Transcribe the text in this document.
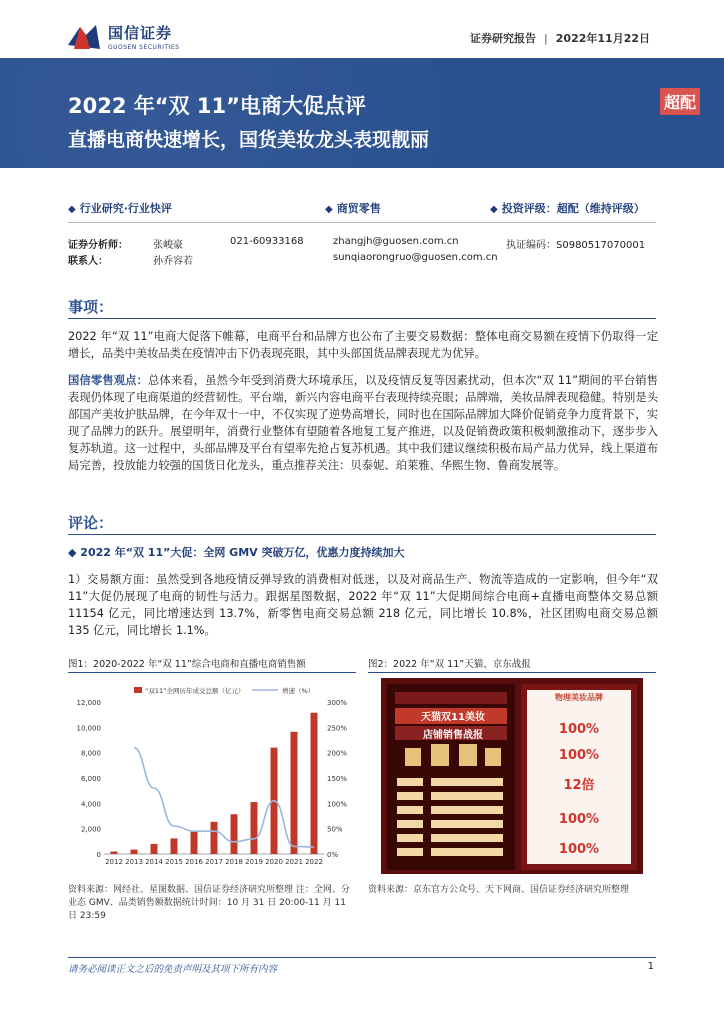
国信证券
GUOSEN SECURITIES
证券研究报告 | 2022年11月22日
2022 年“双 11”电商大促点评
直播电商快速增长，国货美妆龙头表现靓丽
超配
◆ 行业研究·行业快评	◆ 商贸零售	◆ 投资评级：超配（维持评级）
证券分析师：	张峻豪	021-60933168	zhangjh@guosen.com.cn	执证编码：S0980517070001
联系人：	孙乔容若	sunqiaorongruo@guosen.com.cn
事项：
2022 年“双 11”电商大促落下帷幕，电商平台和品牌方也公布了主要交易数据：整体电商交易额在疫情下仍取得一定增长，品类中美妆品类在疫情冲击下仍表现亮眼，其中头部国货品牌表现尤为优异。
国信零售观点：总体来看，虽然今年受到消费大环境承压，以及疫情反复等因素扰动，但本次“双 11”期间的平台销售表现仍体现了电商渠道的经营韧性。平台端，新兴内容电商平台表现持续亮眼；品牌端，美妆品牌表现稳健。特别是头部国产美妆护肤品牌，在今年双十一中，不仅实现了逆势高增长，同时也在国际品牌加大降价促销竞争力度背景下，实现了品牌力的跃升。展望明年，消费行业整体有望随着各地复工复产推进，以及促销费政策积极刺激推动下，逐步步入复苏轨道。这一过程中，头部品牌及平台有望率先抢占复苏机遇。其中我们建议继续积极布局产品力优异，线上渠道布局完善，投放能力较强的国货日化龙头，重点推荐关注：贝泰妮、珀莱雅、华熙生物、鲁商发展等。
评论：
◆ 2022 年“双 11”大促：全网 GMV 突破万亿，优惠力度持续加大
1）交易额方面：虽然受到各地疫情反弹导致的消费相对低迷，以及对商品生产、物流等造成的一定影响，但今年“双 11”大促仍展现了电商的韧性与活力。跟据星图数据，2022 年“双 11”大促期间综合电商+直播电商整体交易总额 11154 亿元，同比增速达到 13.7%，新零售电商交易总额 218 亿元，同比增长 10.8%，社区团购电商交易总额 135 亿元，同比增长 1.1%。
图1：2020-2022 年“双 11”综合电商和直播电商销售额	图2：2022 年“双 11”天猫、京东战报
0
2,000
4,000
6,000
8,000
10,000
12,000
0%
50%
100%
150%
200%
250%
300%
2012 2013 2014 2015 2016 2017 2018 2019 2020 2021 2022
“双11”全网历年成交总额（亿元）	增速（%）
资料来源：网经社、星图数据、国信证券经济研究所整理 注：全网、分业态 GMV、品类销售额数据统计时间：10 月 31 日 20:00-11 月 11 日 23:59
天猫双11美妆
店铺销售战报
物理美妆品牌
100%
100%
12倍
100%
100%
资料来源：京东官方公众号、天下网商、国信证券经济研究所整理
请务必阅读正文之后的免责声明及其项下所有内容	1
